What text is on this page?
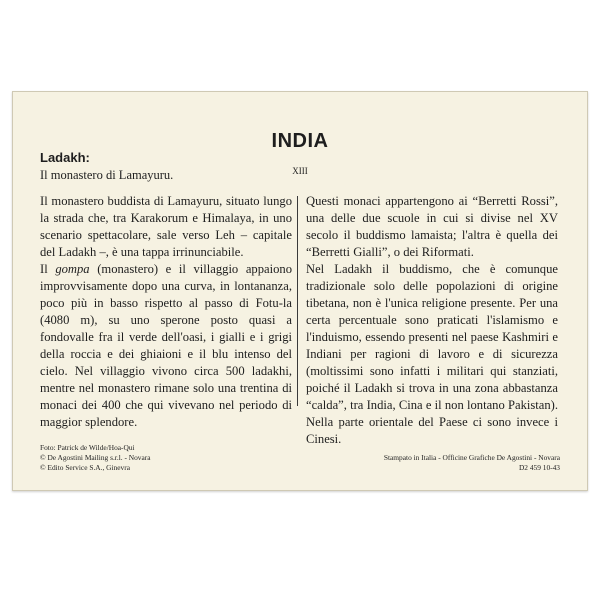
INDIA
XIII
Ladakh:
Il monastero di Lamayuru.

Il monastero buddista di Lamayuru, situato lungo la strada che, tra Karakorum e Himalaya, in uno scenario spettacolare, sale verso Leh – capitale del Ladakh –, è una tappa irrinunciabile.

Il gompa (monastero) e il villaggio appaiono improvvisamente dopo una curva, in lontananza, poco più in basso rispetto al passo di Fotu-la (4080 m), su uno sperone posto quasi a fondovalle fra il verde dell'oasi, i gialli e i grigi della roccia e dei ghiaioni e il blu intenso del cielo. Nel villaggio vivono circa 500 ladakhi, mentre nel monastero rimane solo una trentina di monaci dei 400 che qui vivevano nel periodo di maggior splendore.

Questi monaci appartengono ai “Berretti Rossi”, una delle due scuole in cui si divise nel XV secolo il buddismo lamaista; l'altra è quella dei “Berretti Gialli”, o dei Riformati.

Nel Ladakh il buddismo, che è comunque tradizionale solo delle popolazioni di origine tibetana, non è l'unica religione presente. Per una certa percentuale sono praticati l'islamismo e l'induismo, essendo presenti nel paese Kashmiri e Indiani per ragioni di lavoro e di sicurezza (moltissimi sono infatti i militari qui stanziati, poiché il Ladakh si trova in una zona abbastanza “calda”, tra India, Cina e il non lontano Pakistan). Nella parte orientale del Paese ci sono invece i Cinesi.

Foto: Patrick de Wilde/Hoa-Qui
© De Agostini Mailing s.r.l. - Novara
© Edito Service S.A., Ginevra
Stampato in Italia - Officine Grafiche De Agostini - Novara
D2 459 10-43
